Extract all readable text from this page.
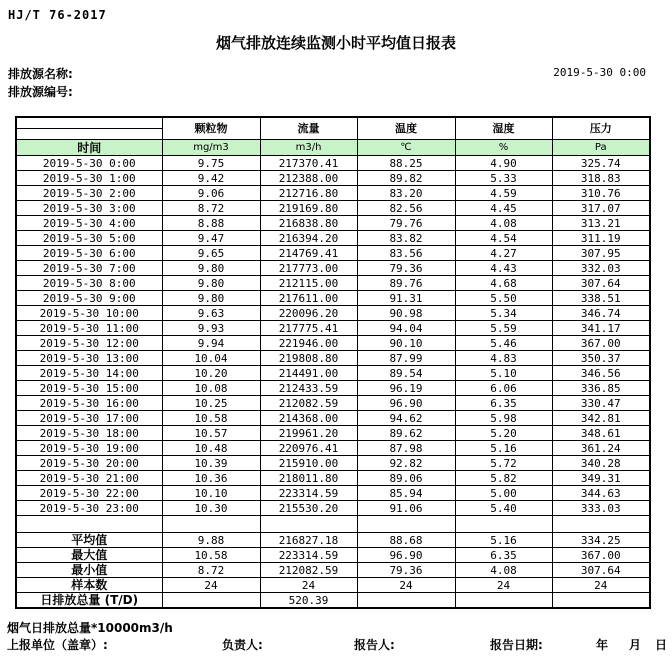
HJ/T 76-2017
烟气排放连续监测小时平均值日报表
排放源名称:
排放源编号:
2019-5-30 0:00
	颗粒物	流量	温度	湿度	压力

时间	mg/m3	m3/h	℃	%	Pa
2019-5-30 0:00	9.75	217370.41	88.25	4.90	325.74
2019-5-30 1:00	9.42	212388.00	89.82	5.33	318.83
2019-5-30 2:00	9.06	212716.80	83.20	4.59	310.76
2019-5-30 3:00	8.72	219169.80	82.56	4.45	317.07
2019-5-30 4:00	8.88	216838.80	79.76	4.08	313.21
2019-5-30 5:00	9.47	216394.20	83.82	4.54	311.19
2019-5-30 6:00	9.65	214769.41	83.56	4.27	307.95
2019-5-30 7:00	9.80	217773.00	79.36	4.43	332.03
2019-5-30 8:00	9.80	212115.00	89.76	4.68	307.64
2019-5-30 9:00	9.80	217611.00	91.31	5.50	338.51
2019-5-30 10:00	9.63	220096.20	90.98	5.34	346.74
2019-5-30 11:00	9.93	217775.41	94.04	5.59	341.17
2019-5-30 12:00	9.94	221946.00	90.10	5.46	367.00
2019-5-30 13:00	10.04	219808.80	87.99	4.83	350.37
2019-5-30 14:00	10.20	214491.00	89.54	5.10	346.56
2019-5-30 15:00	10.08	212433.59	96.19	6.06	336.85
2019-5-30 16:00	10.25	212082.59	96.90	6.35	330.47
2019-5-30 17:00	10.58	214368.00	94.62	5.98	342.81
2019-5-30 18:00	10.57	219961.20	89.62	5.20	348.61
2019-5-30 19:00	10.48	220976.41	87.98	5.16	361.24
2019-5-30 20:00	10.39	215910.00	92.82	5.72	340.28
2019-5-30 21:00	10.36	218011.80	89.06	5.82	349.31
2019-5-30 22:00	10.10	223314.59	85.94	5.00	344.63
2019-5-30 23:00	10.30	215530.20	91.06	5.40	333.03

平均值	9.88	216827.18	88.68	5.16	334.25
最大值	10.58	223314.59	96.90	6.35	367.00
最小值	8.72	212082.59	79.36	4.08	307.64
样本数	24	24	24	24	24
日排放总量 (T/D)		520.39			
烟气日排放总量*10000m3/h
上报单位（盖章）:	负责人:	报告人:	报告日期:	年 月 日
